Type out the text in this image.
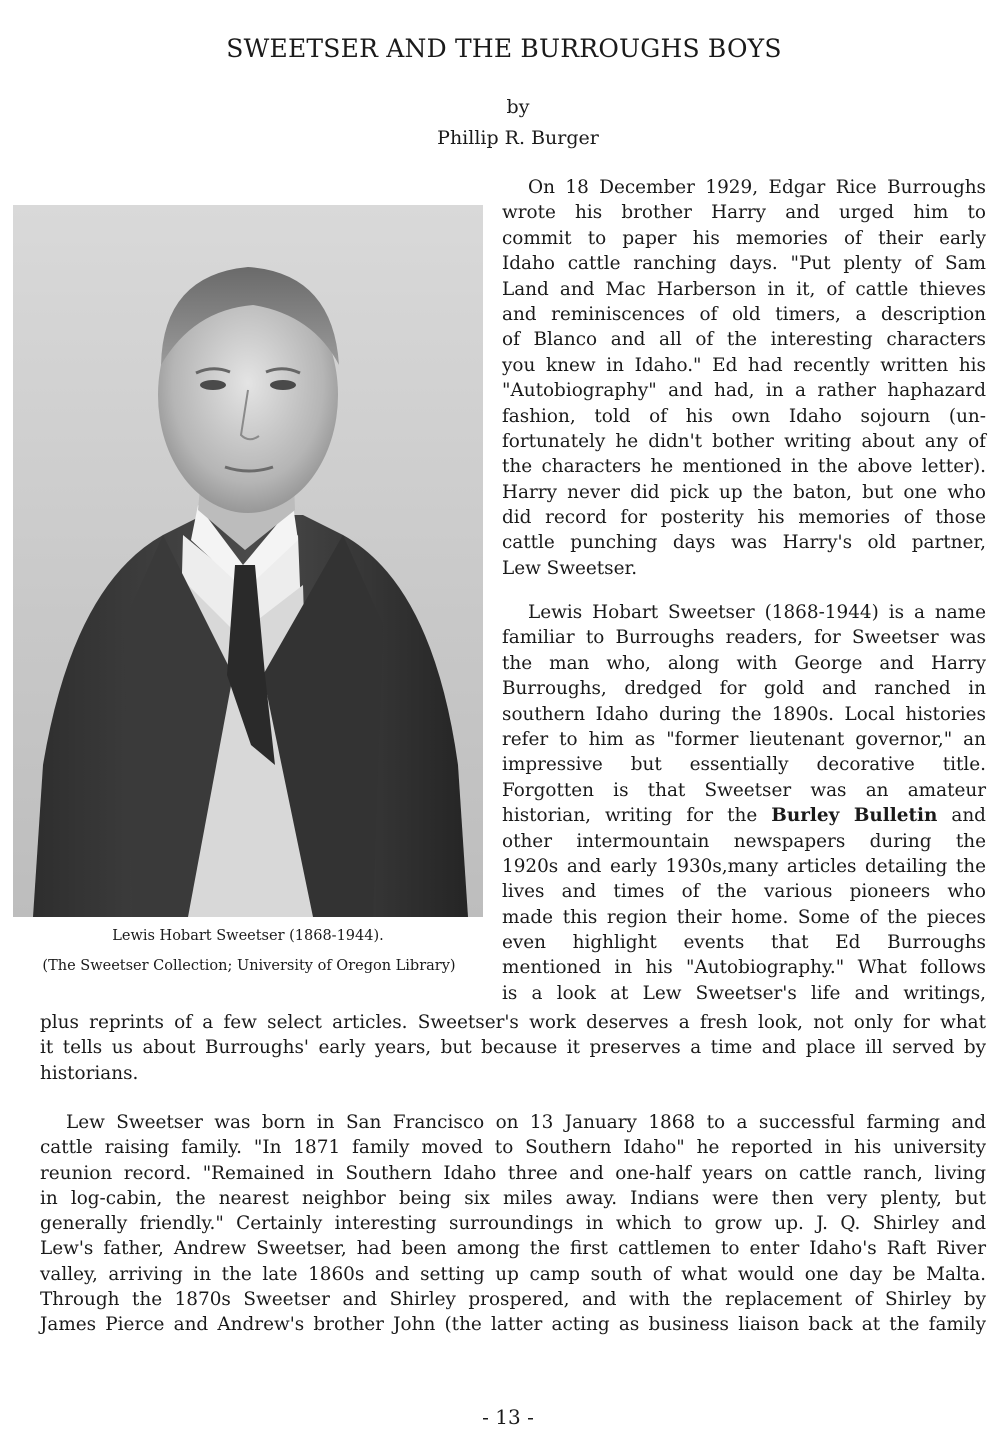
SWEETSER AND THE BURROUGHS BOYS
by
Phillip R. Burger
Lewis Hobart Sweetser (1868-1944).
(The Sweetser Collection; University of Oregon Library)
On 18 December 1929, Edgar Rice Burroughs
wrote his brother Harry and urged him to
commit to paper his memories of their early
Idaho cattle ranching days. "Put plenty of Sam
Land and Mac Harberson in it, of cattle thieves
and reminiscences of old timers, a description
of Blanco and all of the interesting characters
you knew in Idaho." Ed had recently written his
"Autobiography" and had, in a rather haphazard
fashion, told of his own Idaho sojourn (un-
fortunately he didn't bother writing about any of
the characters he mentioned in the above letter).
Harry never did pick up the baton, but one who
did record for posterity his memories of those
cattle punching days was Harry's old partner,
Lew Sweetser.
Lewis Hobart Sweetser (1868-1944) is a name
familiar to Burroughs readers, for Sweetser was
the man who, along with George and Harry
Burroughs, dredged for gold and ranched in
southern Idaho during the 1890s. Local histories
refer to him as "former lieutenant governor," an
impressive but essentially decorative title.
Forgotten is that Sweetser was an amateur
historian, writing for the Burley Bulletin and
other intermountain newspapers during the
1920s and early 1930s,many articles detailing the
lives and times of the various pioneers who
made this region their home. Some of the pieces
even highlight events that Ed Burroughs
mentioned in his "Autobiography." What follows
is a look at Lew Sweetser's life and writings,
plus reprints of a few select articles. Sweetser's work deserves a fresh look, not only for what
it tells us about Burroughs' early years, but because it preserves a time and place ill served by
historians.
Lew Sweetser was born in San Francisco on 13 January 1868 to a successful farming and
cattle raising family. "In 1871 family moved to Southern Idaho" he reported in his university
reunion record. "Remained in Southern Idaho three and one-half years on cattle ranch, living
in log-cabin, the nearest neighbor being six miles away. Indians were then very plenty, but
generally friendly." Certainly interesting surroundings in which to grow up. J. Q. Shirley and
Lew's father, Andrew Sweetser, had been among the first cattlemen to enter Idaho's Raft River
valley, arriving in the late 1860s and setting up camp south of what would one day be Malta.
Through the 1870s Sweetser and Shirley prospered, and with the replacement of Shirley by
James Pierce and Andrew's brother John (the latter acting as business liaison back at the family
- 13 -
